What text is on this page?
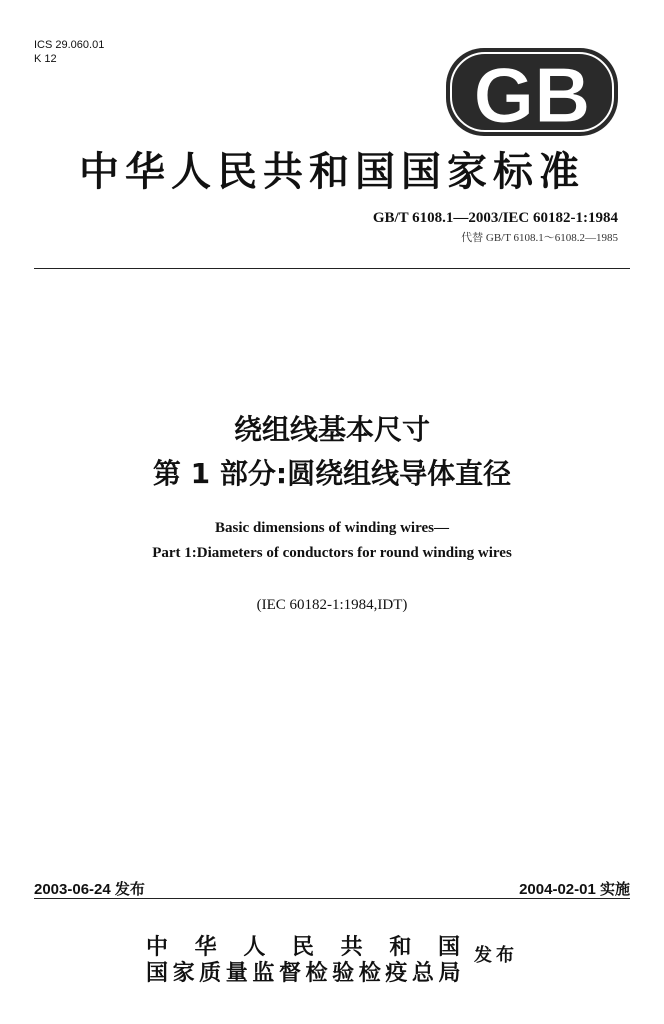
ICS 29.060.01
K 12	GB
中华人民共和国国家标准
GB/T 6108.1—2003/IEC 60182-1:1984
代替 GB/T 6108.1～6108.2—1985
绕组线基本尺寸
第 1 部分:圆绕组线导体直径
Basic dimensions of winding wires—
Part 1:Diameters of conductors for round winding wires
(IEC 60182-1:1984,IDT)
2003-06-24 发布	2004-02-01 实施
中华人民共和国
国家质量监督检验检疫总局
发布
